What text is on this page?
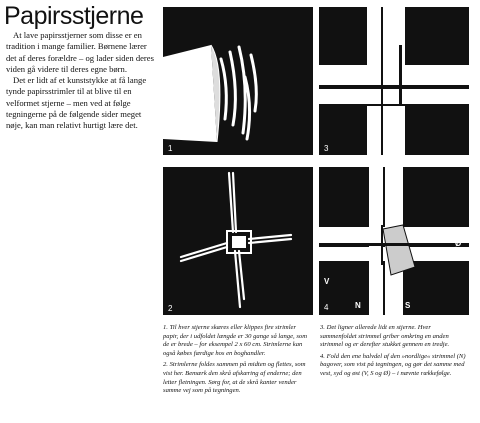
Papirsstjerne

At lave papirsstjerner som disse er en tradition i mange familier. Børnene lærer det af deres forældre – og lader siden deres viden gå videre til deres egne børn.

Det er lidt af et kunststykke at få lange tynde papirsstrimler til at blive til en velformet stjerne – men ved at følge tegningerne på de følgende sider meget nøje, kan man relativt hurtigt lære det.

1	3
2	4
N
Ø
V
N	S

1. Til hver stjerne skæres eller klippes fire strimler papir, der i udfoldet længde er 30 gange så lange, som de er brede – for eksempel 2 x 60 cm. Strimlerne kan også købes færdige hos en boghandler.

2. Strimlerne foldes sammen på midten og flettes, som vist her. Bemærk den skrå afskæring af enderne; den letter fletningen. Sørg for, at de skrå kanter vender samme vej som på tegningen.

3. Det ligner allerede lidt en stjerne. Hver sammenfoldet strimmel griber omkring en anden strimmel og er derefter stukket gennem en tredje.

4. Fold den ene halvdel af den »nordlige« strimmel (N) bagover, som vist på tegningen, og gør det samme med vest, syd og øst (V, S og Ø) – i nævnte rækkefølge.
